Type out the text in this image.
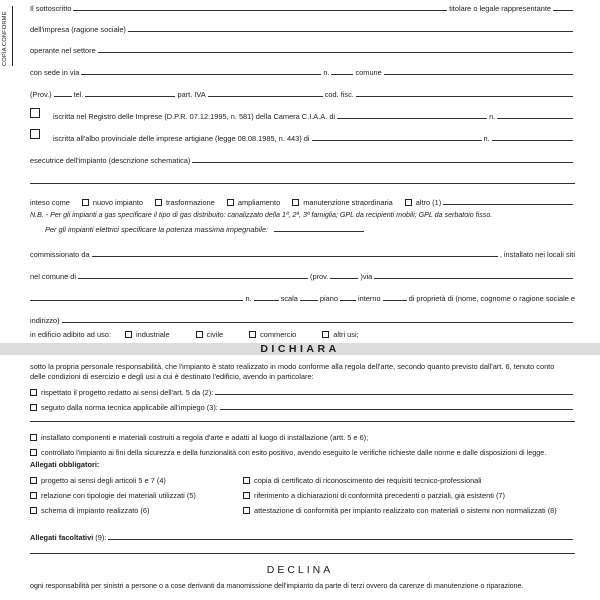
COPIA CONFORME
Il sottoscritto	titolare o legale rappresentante
dell'impresa (ragione sociale)
operante nel settore
con sede in via	n.	comune
(Prov.)	tel.	part. IVA	cod. fisc.
iscritta nel Registro delle Imprese (D.P.R. 07.12.1995, n. 581) della Camera C.I.A.A. di	n.
iscritta all'albo provinciale delle imprese artigiane (legge 08.08.1985, n. 443) di	n.
esecutrice dell'impianto (descrizione schematica)
inteso come	nuovo impianto	trasformazione	ampliamento	manutenzione straordinaria	altro (1)
N.B. - Per gli impianti a gas specificare il tipo di gas distribuito: canalizzato della 1ª, 2ª, 3ª famiglia; GPL da recipienti mobili; GPL da serbatoio fisso.
Per gli impianti elettrici specificare la potenza massima impegnabile:
commissionato da	, installato nei locali siti
nel comune di	(prov.	)via
n.	scala	piano	interno	di proprietà di (nome, cognome o ragione sociale e
indirizzo)
in edificio adibito ad uso:	industriale	civile	commercio	altri usi;
DICHIARA
sotto la propria personale responsabilità, che l'impianto è stato realizzato in modo conforme alla regola dell'arte, secondo quanto previsto dall'art. 6, tenuto conto
delle condizioni di esercizio e degli usi a cui è destinato l'edificio, avendo in particolare:
rispettato il progetto redatto ai sensi dell'art. 5 da (2):
seguito dalla norma tecnica applicabile all'impiego (3):
installato componenti e materiali costruiti a regola d'arte e adatti al luogo di installazione (artt. 5 e 6);
controllato l'impianto ai fini della sicurezza e della funzionalità con esito positivo, avendo eseguito le verifiche richieste dalle norme e dalle disposizioni di legge.
Allegati obbligatori:
progetto ai sensi degli articoli 5 e 7 (4)
relazione con tipologie dei materiali utilizzati (5)
schema di impianto realizzato (6)
copia di certificato di riconoscimento dei requisiti tecnico-professionali
riferimento a dichiarazioni di conformità precedenti o parziali, già esistenti (7)
attestazione di conformità per impianto realizzato con materiali o sistemi non normalizzati (8)
Allegati facoltativi (9):
DECLINA
ogni responsabilità per sinistri a persone o a cose derivanti da manomissione dell'impianto da parte di terzi ovvero da carenze di manutenzione o riparazione.
